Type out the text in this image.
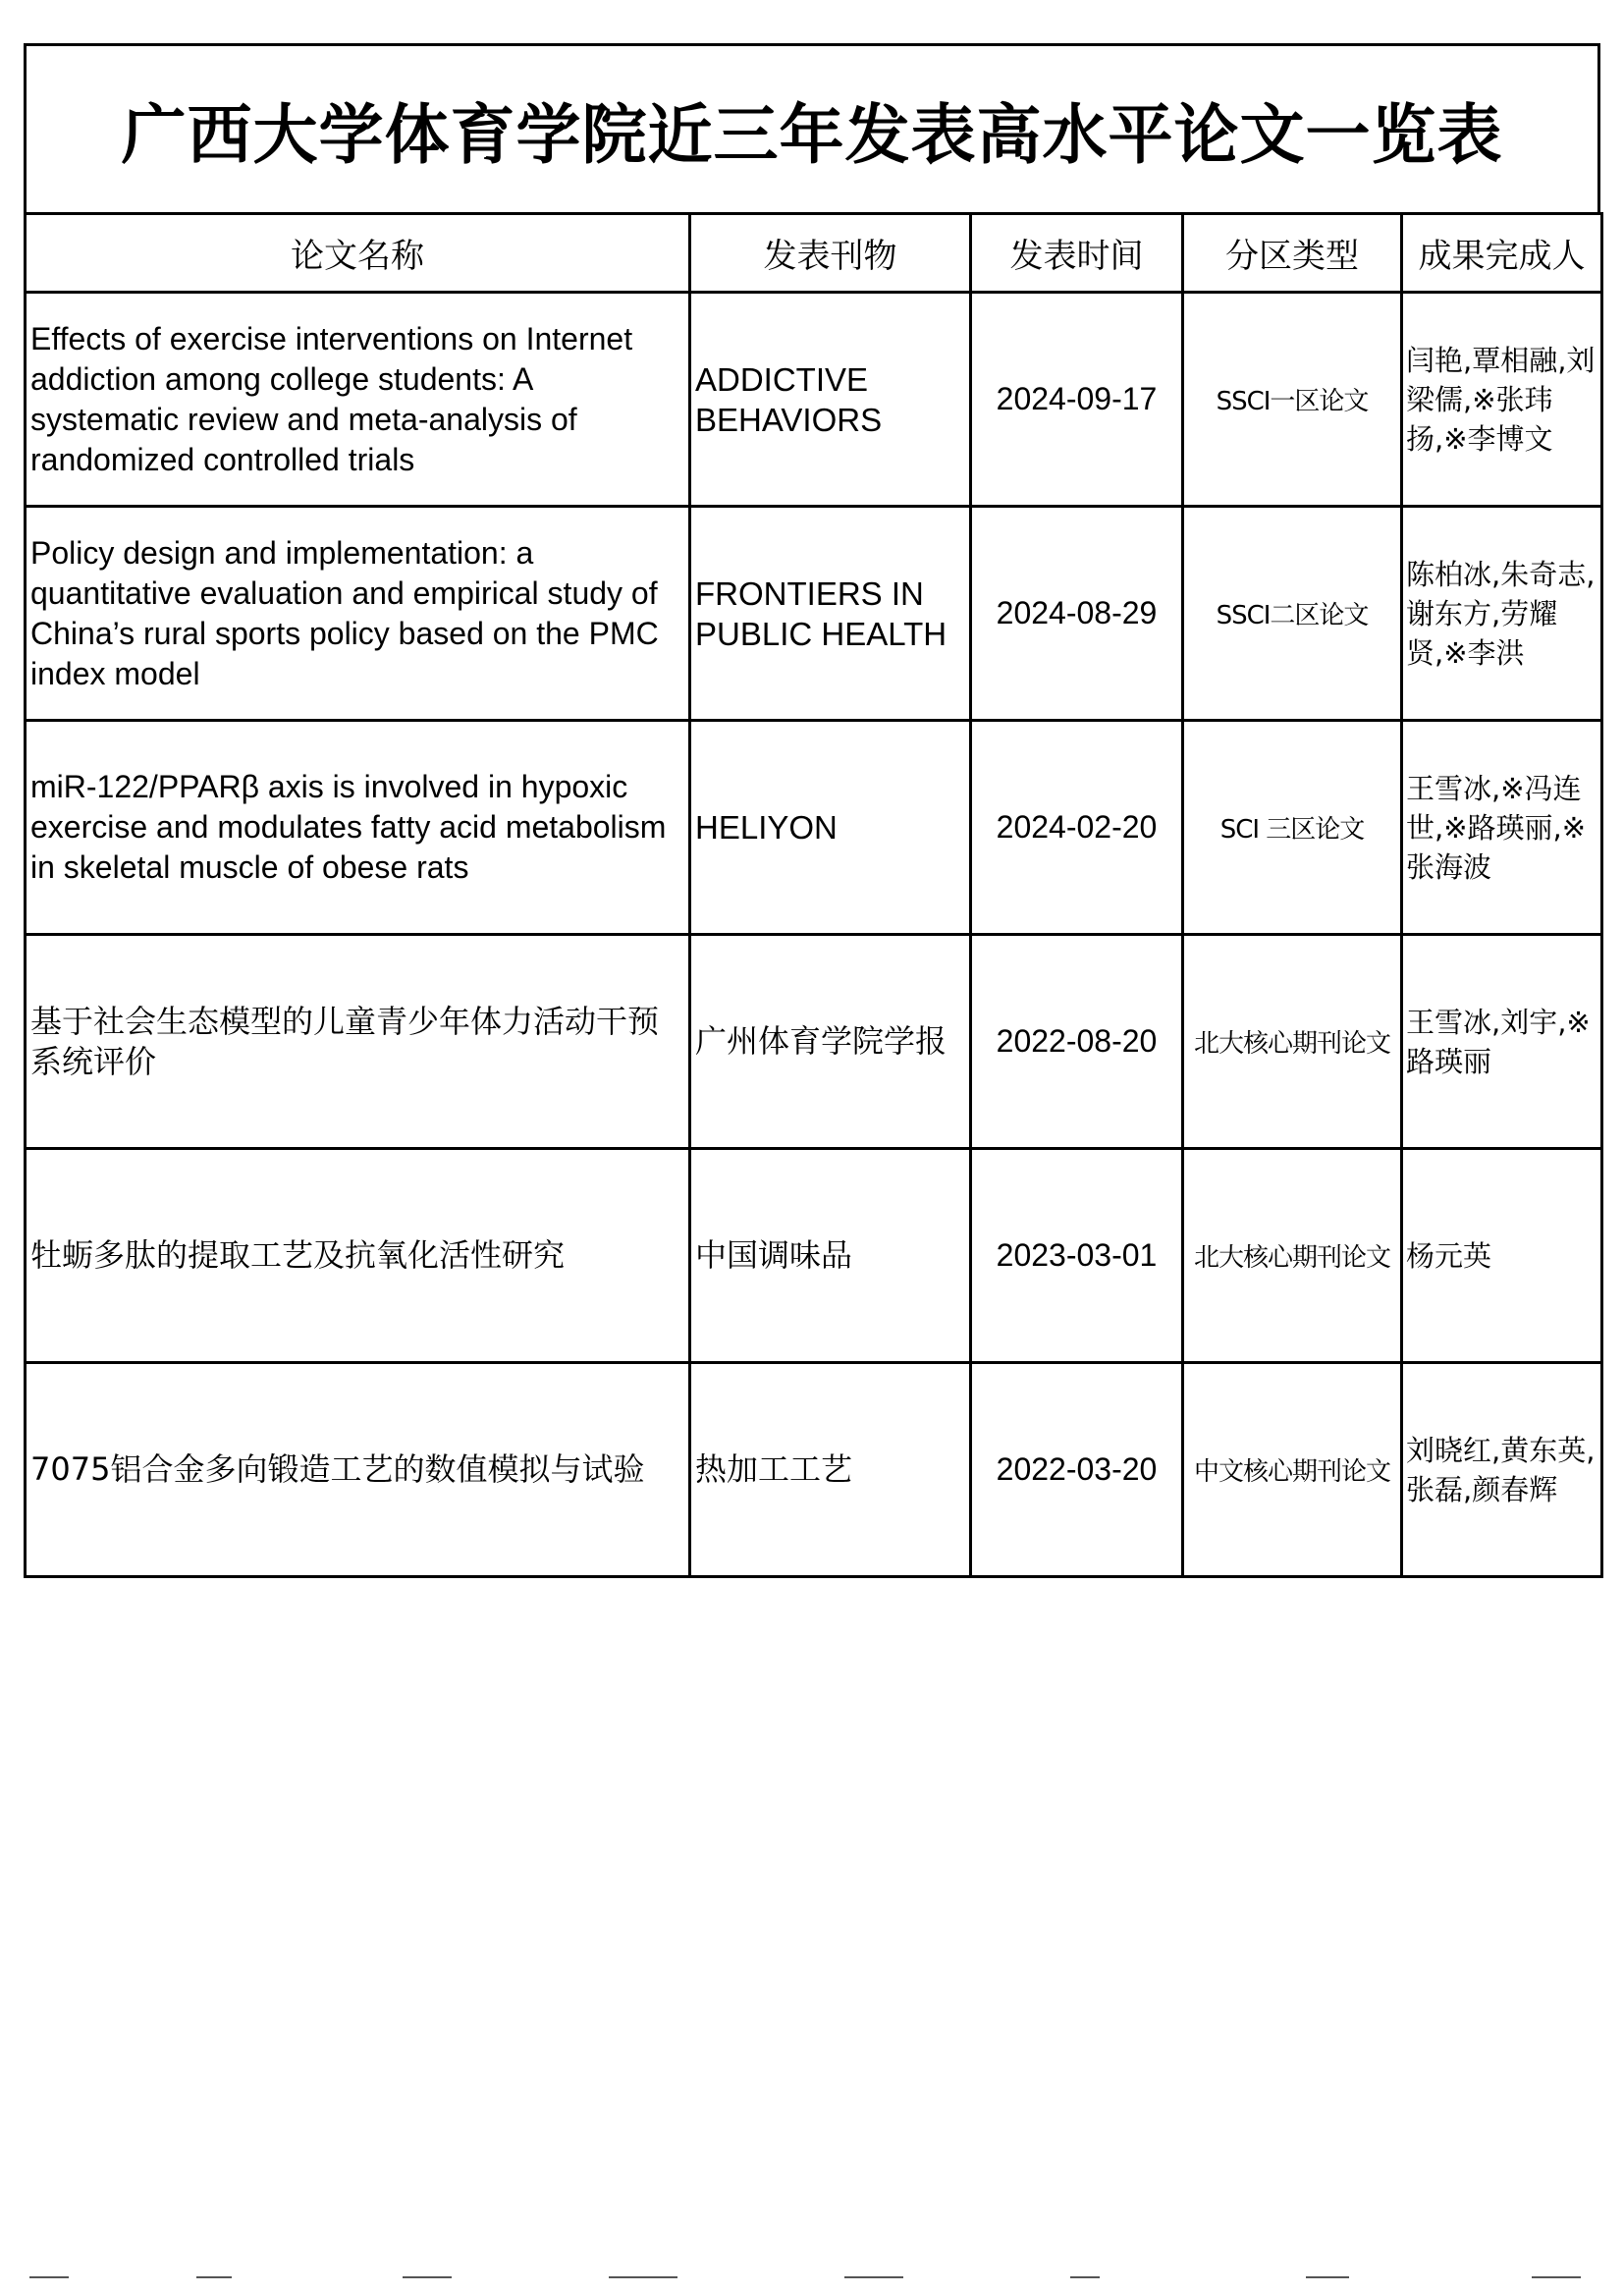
广西大学体育学院近三年发表高水平论文一览表
论文名称	发表刊物	发表时间	分区类型	成果完成人
Effects of exercise interventions on Internet addiction among college students: A systematic review and meta-analysis of randomized controlled trials	ADDICTIVE BEHAVIORS	2024-09-17	SSCI一区论文	闫艳,覃相融,刘梁儒,※张玮扬,※李博文
Policy design and implementation: a quantitative evaluation and empirical study of China’s rural sports policy based on the PMC index model	FRONTIERS IN PUBLIC HEALTH	2024-08-29	SSCI二区论文	陈柏冰,朱奇志,谢东方,劳耀贤,※李洪
miR-122/PPARβ axis is involved in hypoxic exercise and modulates fatty acid metabolism in skeletal muscle of obese rats	HELIYON	2024-02-20	SCI 三区论文	王雪冰,※冯连世,※路瑛丽,※张海波
基于社会生态模型的儿童青少年体力活动干预系统评价	广州体育学院学报	2022-08-20	北大核心期刊论文	王雪冰,刘宇,※路瑛丽
牡蛎多肽的提取工艺及抗氧化活性研究	中国调味品	2023-03-01	北大核心期刊论文	杨元英
7075铝合金多向锻造工艺的数值模拟与试验	热加工工艺	2022-03-20	中文核心期刊论文	刘晓红,黄东英,张磊,颜春辉
